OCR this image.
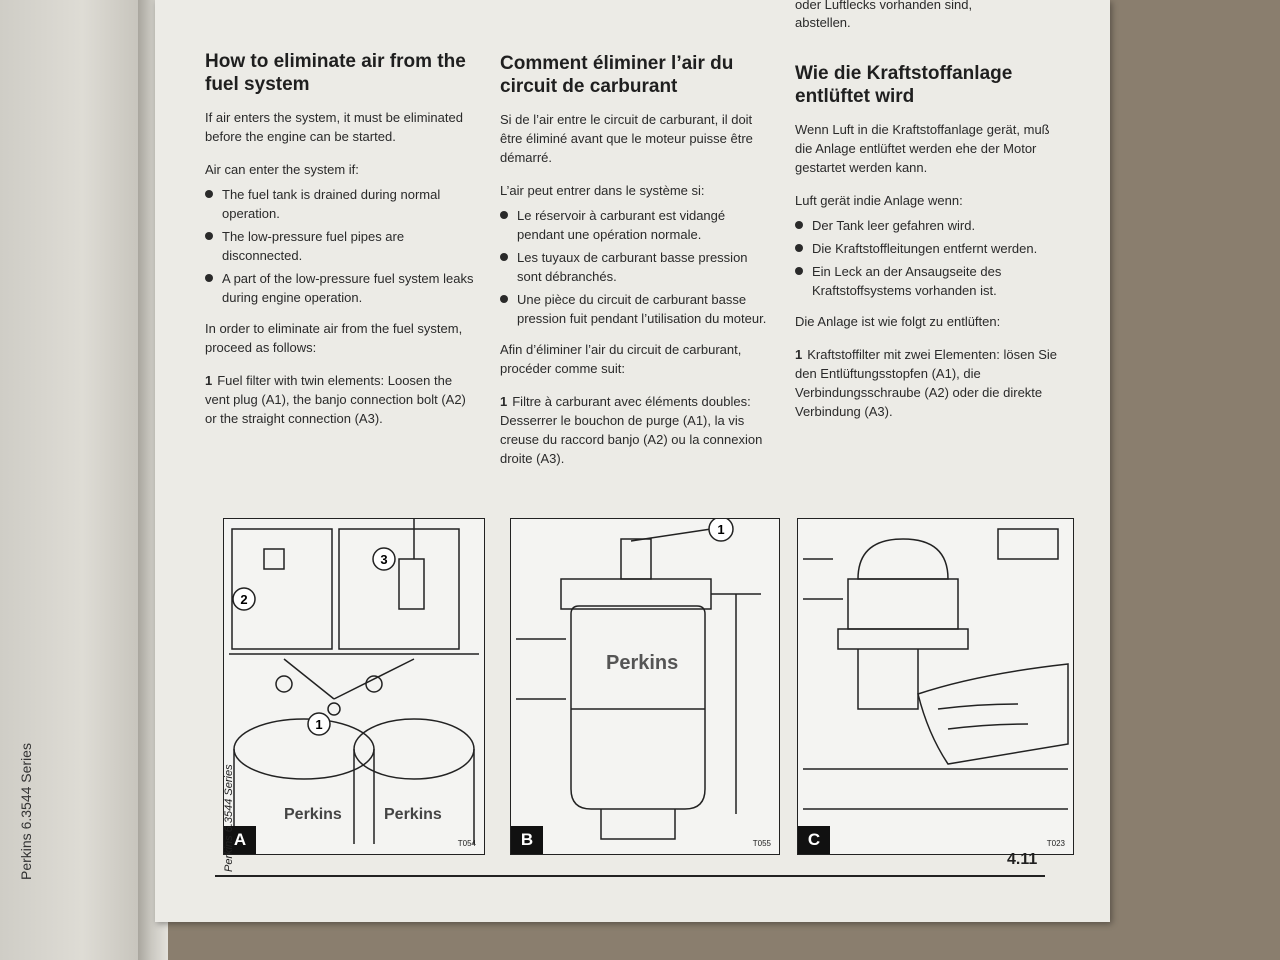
Perkins 6.3544 Series
oder Luftlecks vorhanden sind,
abstellen.
How to eliminate air from the fuel system

If air enters the system, it must be eliminated before the engine can be started.

Air can enter the system if:

The fuel tank is drained during normal operation.
The low-pressure fuel pipes are disconnected.
A part of the low-pressure fuel system leaks during engine operation.

In order to eliminate air from the fuel system, proceed as follows:

1 Fuel filter with twin elements: Loosen the vent plug (A1), the banjo connection bolt (A2) or the straight connection (A3).

Comment éliminer l’air du circuit de carburant

Si de l’air entre le circuit de carburant, il doit être éliminé avant que le moteur puisse être démarré.

L’air peut entrer dans le système si:

Le réservoir à carburant est vidangé pendant une opération normale.
Les tuyaux de carburant basse pression sont débranchés.
Une pièce du circuit de carburant basse pression fuit pendant l’utilisation du moteur.

Afin d’éliminer l’air du circuit de carburant, procéder comme suit:

1 Filtre à carburant avec éléments doubles: Desserrer le bouchon de purge (A1), la vis creuse du raccord banjo (A2) ou la connexion droite (A3).

Wie die Kraftstoffanlage entlüftet wird

Wenn Luft in die Kraftstoffanlage gerät, muß die Anlage entlüftet werden ehe der Motor gestartet werden kann.

Luft gerät indie Anlage wenn:

Der Tank leer gefahren wird.
Die Kraftstoffleitungen entfernt werden.
Ein Leck an der Ansaugseite des Kraftstoffsystems vorhanden ist.

Die Anlage ist wie folgt zu entlüften:

1 Kraftstoffilter mit zwei Elementen: lösen Sie den Entlüftungsstopfen (A1), die Verbindungsschraube (A2) oder die direkte Verbindung (A3).

2
3
1
Perkins	Perkins
A	T054
1
Perkins
B	T055	C	T023
Perkins 6.3544 Series	4.11
